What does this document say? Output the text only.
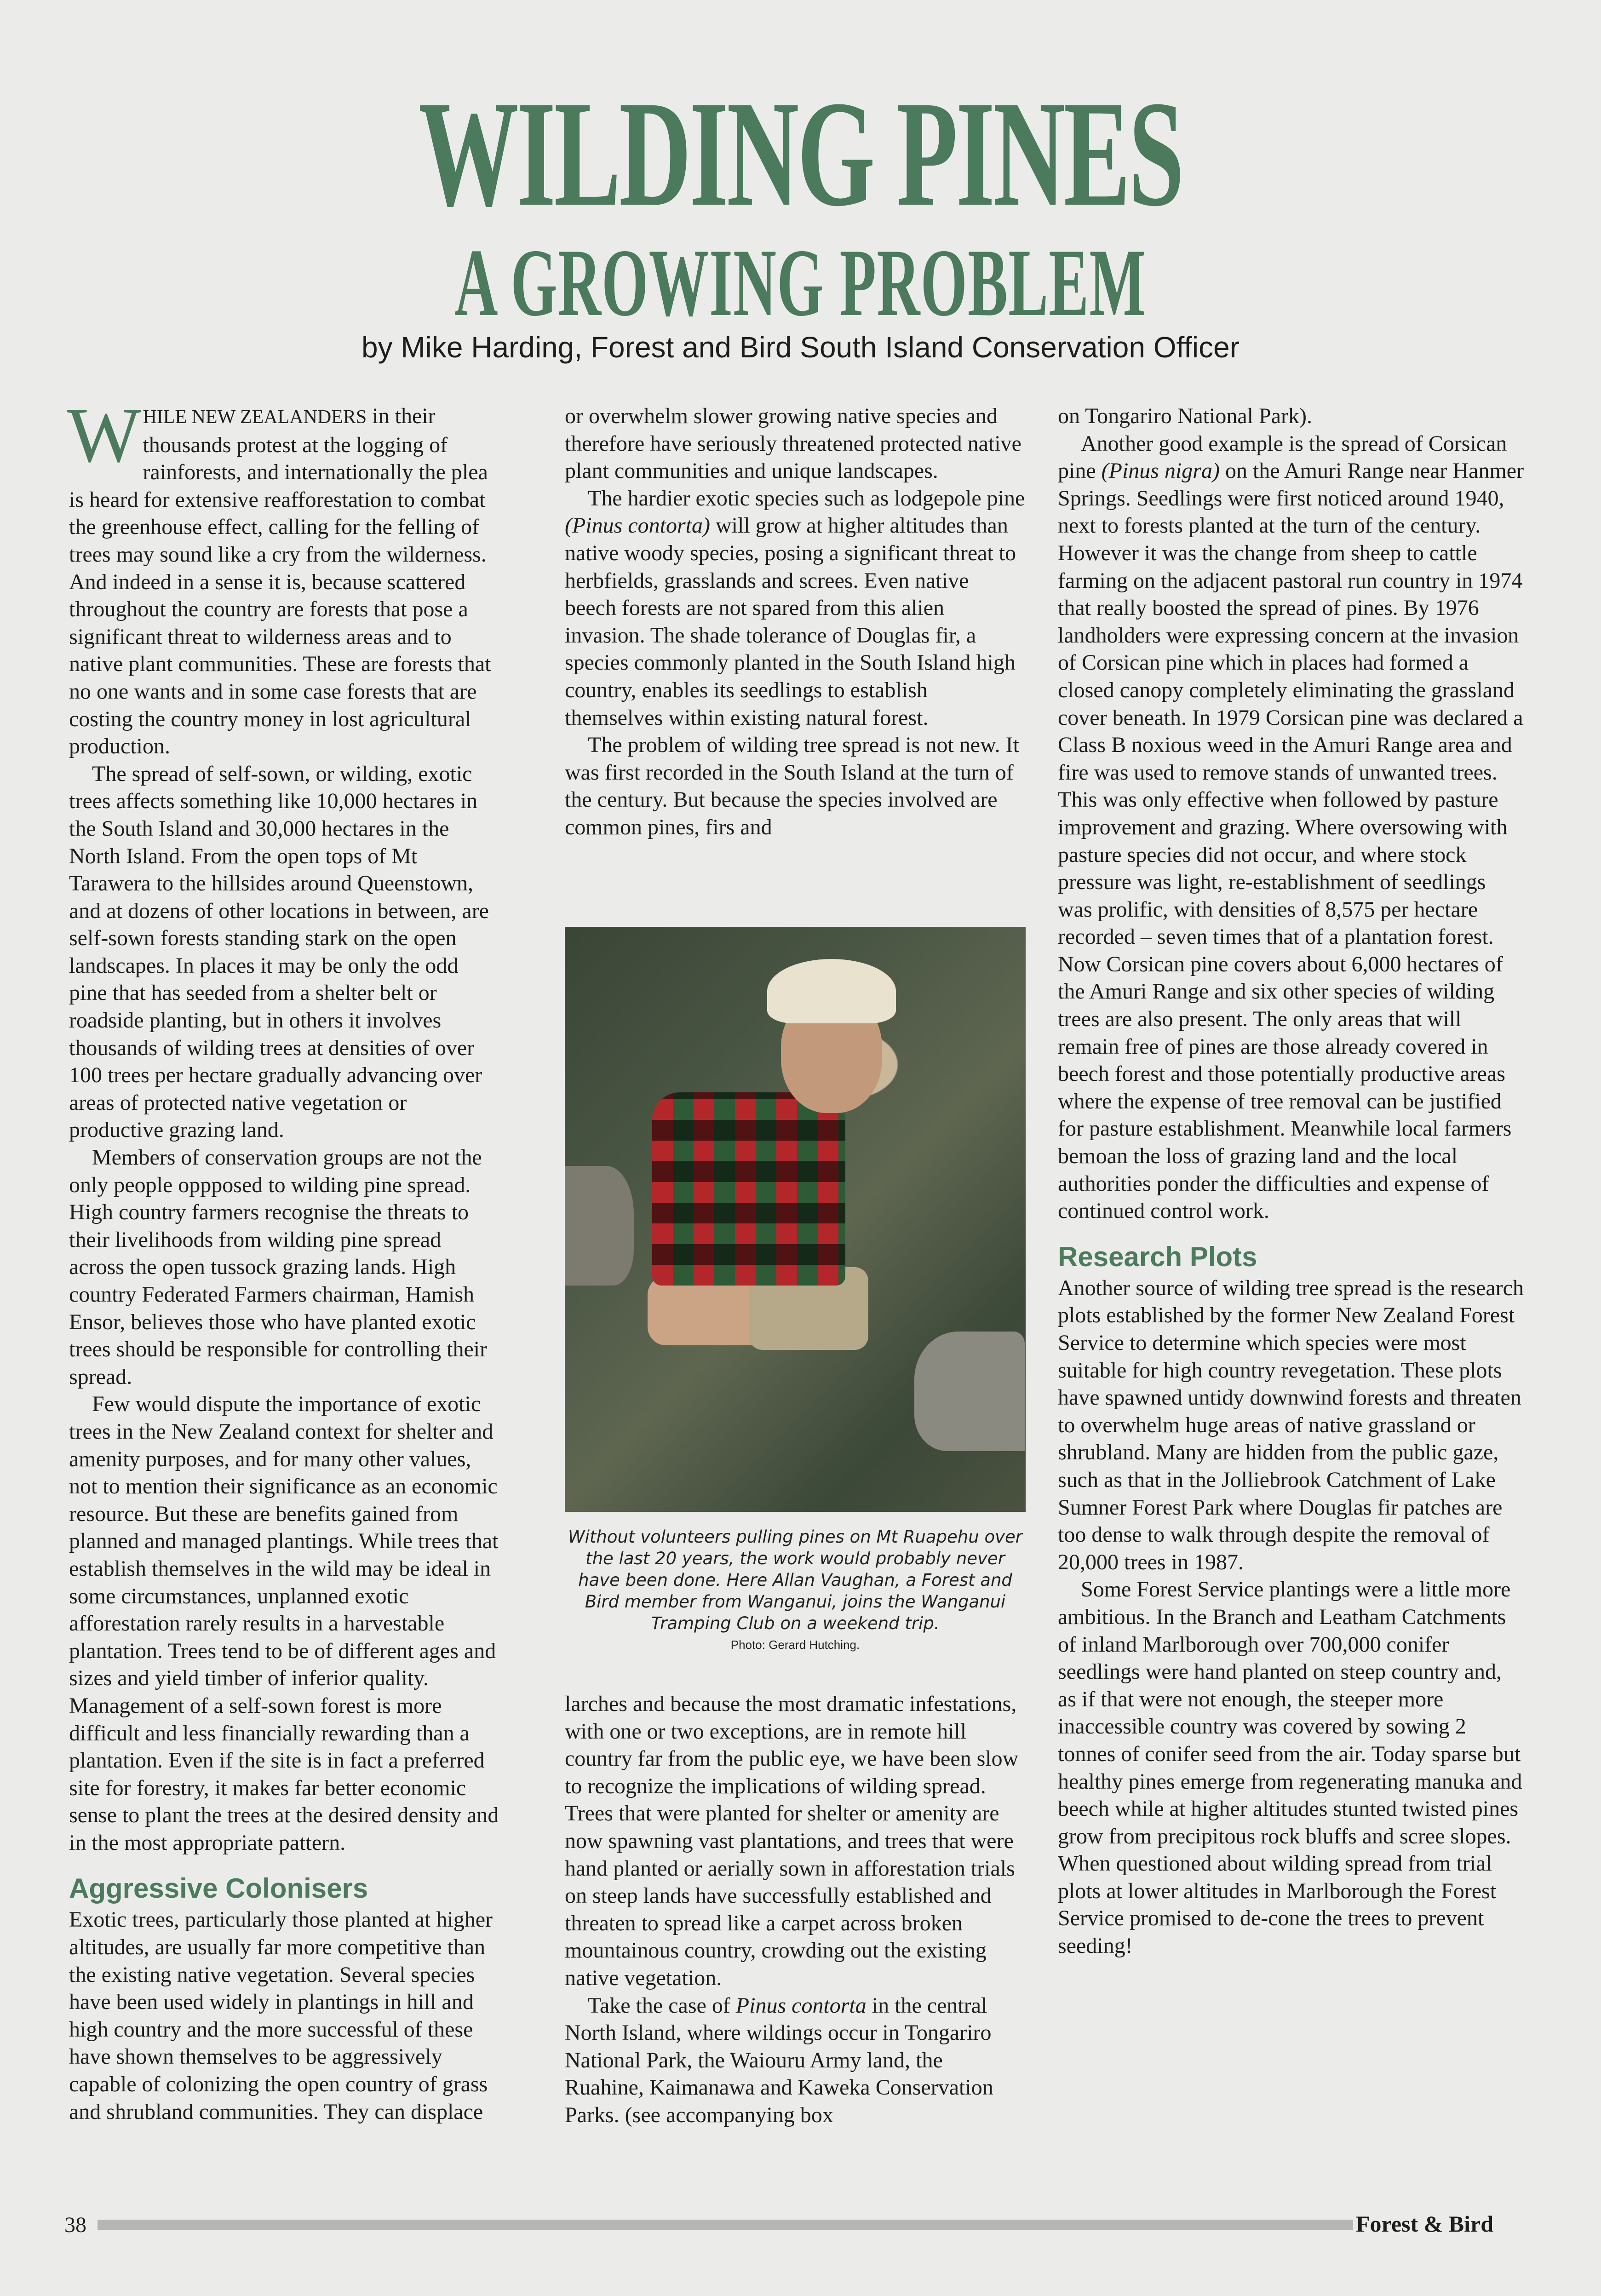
WILDING PINES
A GROWING PROBLEM
by Mike Harding, Forest and Bird South Island Conservation Officer

WHILE NEW ZEALANDERS in their thousands protest at the logging of rainforests, and internationally the plea is heard for extensive reafforestation to combat the greenhouse effect, calling for the felling of trees may sound like a cry from the wilderness. And indeed in a sense it is, because scattered throughout the country are forests that pose a significant threat to wilderness areas and to native plant communities. These are forests that no one wants and in some case forests that are costing the country money in lost agricultural production.

The spread of self-sown, or wilding, exotic trees affects something like 10,000 hectares in the South Island and 30,000 hectares in the North Island. From the open tops of Mt Tarawera to the hillsides around Queenstown, and at dozens of other locations in between, are self-sown forests standing stark on the open landscapes. In places it may be only the odd pine that has seeded from a shelter belt or roadside planting, but in others it involves thousands of wilding trees at densities of over 100 trees per hectare gradually advancing over areas of protected native vegetation or productive grazing land.

Members of conservation groups are not the only people oppposed to wilding pine spread. High country farmers recognise the threats to their livelihoods from wilding pine spread across the open tussock grazing lands. High country Federated Farmers chairman, Hamish Ensor, believes those who have planted exotic trees should be responsible for controlling their spread.

Few would dispute the importance of exotic trees in the New Zealand context for shelter and amenity purposes, and for many other values, not to mention their significance as an economic resource. But these are benefits gained from planned and managed plantings. While trees that establish themselves in the wild may be ideal in some circumstances, unplanned exotic afforestation rarely results in a harvestable plantation. Trees tend to be of different ages and sizes and yield timber of inferior quality. Management of a self-sown forest is more difficult and less financially rewarding than a plantation. Even if the site is in fact a preferred site for forestry, it makes far better economic sense to plant the trees at the desired density and in the most appropriate pattern.

Aggressive Colonisers

Exotic trees, particularly those planted at higher altitudes, are usually far more competitive than the existing native vegetation. Several species have been used widely in plantings in hill and high country and the more successful of these have shown themselves to be aggressively capable of colonizing the open country of grass and shrubland communities. They can displace

or overwhelm slower growing native species and therefore have seriously threatened protected native plant communities and unique landscapes.

The hardier exotic species such as lodgepole pine (Pinus contorta) will grow at higher altitudes than native woody species, posing a significant threat to herbfields, grasslands and screes. Even native beech forests are not spared from this alien invasion. The shade tolerance of Douglas fir, a species commonly planted in the South Island high country, enables its seedlings to establish themselves within existing natural forest.

The problem of wilding tree spread is not new. It was first recorded in the South Island at the turn of the century. But because the species involved are common pines, firs and

Without volunteers pulling pines on Mt Ruapehu over the last 20 years, the work would probably never have been done. Here Allan Vaughan, a Forest and Bird member from Wanganui, joins the Wanganui Tramping Club on a weekend trip.
Photo: Gerard Hutching.

larches and because the most dramatic infestations, with one or two exceptions, are in remote hill country far from the public eye, we have been slow to recognize the implications of wilding spread. Trees that were planted for shelter or amenity are now spawning vast plantations, and trees that were hand planted or aerially sown in afforestation trials on steep lands have successfully established and threaten to spread like a carpet across broken mountainous country, crowding out the existing native vegetation.

Take the case of Pinus contorta in the central North Island, where wildings occur in Tongariro National Park, the Waiouru Army land, the Ruahine, Kaimanawa and Kaweka Conservation Parks. (see accompanying box

on Tongariro National Park).

Another good example is the spread of Corsican pine (Pinus nigra) on the Amuri Range near Hanmer Springs. Seedlings were first noticed around 1940, next to forests planted at the turn of the century. However it was the change from sheep to cattle farming on the adjacent pastoral run country in 1974 that really boosted the spread of pines. By 1976 landholders were expressing concern at the invasion of Corsican pine which in places had formed a closed canopy completely eliminating the grassland cover beneath. In 1979 Corsican pine was declared a Class B noxious weed in the Amuri Range area and fire was used to remove stands of unwanted trees. This was only effective when followed by pasture improvement and grazing. Where oversowing with pasture species did not occur, and where stock pressure was light, re-establishment of seedlings was prolific, with densities of 8,575 per hectare recorded – seven times that of a plantation forest. Now Corsican pine covers about 6,000 hectares of the Amuri Range and six other species of wilding trees are also present. The only areas that will remain free of pines are those already covered in beech forest and those potentially productive areas where the expense of tree removal can be justified for pasture establishment. Meanwhile local farmers bemoan the loss of grazing land and the local authorities ponder the difficulties and expense of continued control work.

Research Plots

Another source of wilding tree spread is the research plots established by the former New Zealand Forest Service to determine which species were most suitable for high country revegetation. These plots have spawned untidy downwind forests and threaten to overwhelm huge areas of native grassland or shrubland. Many are hidden from the public gaze, such as that in the Jolliebrook Catchment of Lake Sumner Forest Park where Douglas fir patches are too dense to walk through despite the removal of 20,000 trees in 1987.

Some Forest Service plantings were a little more ambitious. In the Branch and Leatham Catchments of inland Marlborough over 700,000 conifer seedlings were hand planted on steep country and, as if that were not enough, the steeper more inaccessible country was covered by sowing 2 tonnes of conifer seed from the air. Today sparse but healthy pines emerge from regenerating manuka and beech while at higher altitudes stunted twisted pines grow from precipitous rock bluffs and scree slopes. When questioned about wilding spread from trial plots at lower altitudes in Marlborough the Forest Service promised to de-cone the trees to prevent seeding!

38	Forest & Bird
